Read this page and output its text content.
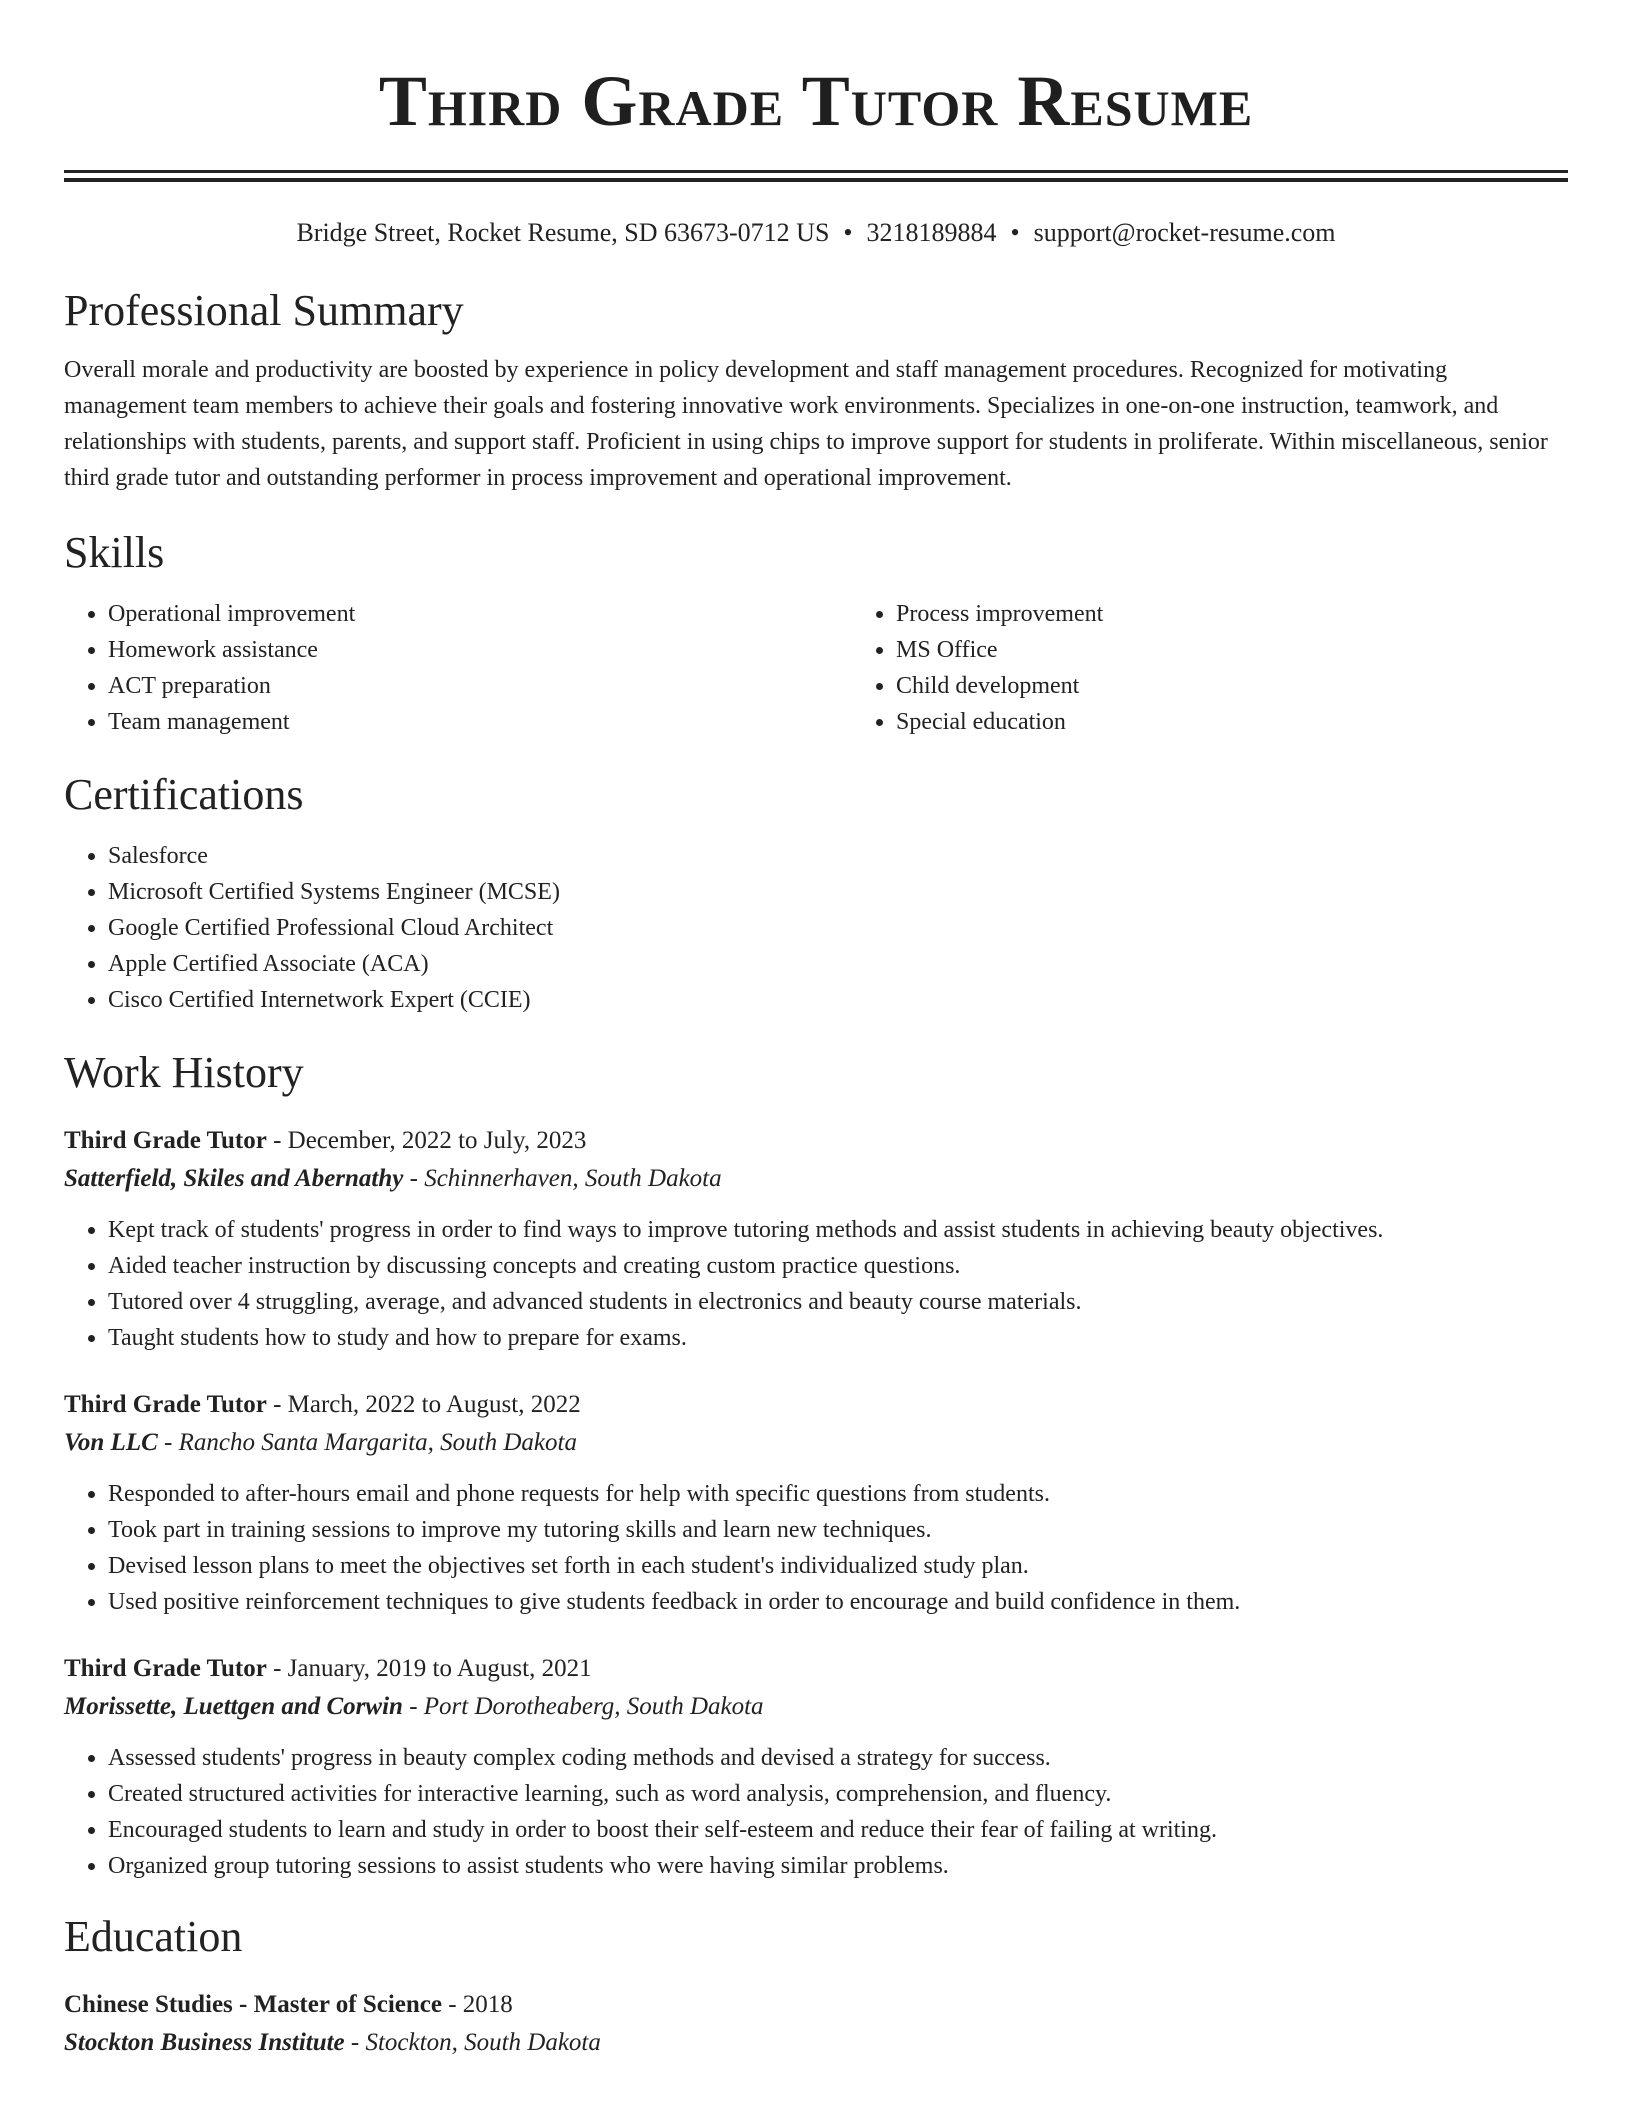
Third Grade Tutor Resume
Bridge Street, Rocket Resume, SD 63673-0712 US • 3218189884 • support@rocket-resume.com
Professional Summary

Overall morale and productivity are boosted by experience in policy development and staff management procedures. Recognized for motivating management team members to achieve their goals and fostering innovative work environments. Specializes in one-on-one instruction, teamwork, and relationships with students, parents, and support staff. Proficient in using chips to improve support for students in proliferate. Within miscellaneous, senior third grade tutor and outstanding performer in process improvement and operational improvement.

Skills
• Operational improvement
• Homework assistance
• ACT preparation
• Team management
• Process improvement
• MS Office
• Child development
• Special education
Certifications
• Salesforce
• Microsoft Certified Systems Engineer (MCSE)
• Google Certified Professional Cloud Architect
• Apple Certified Associate (ACA)
• Cisco Certified Internetwork Expert (CCIE)
Work History
Third Grade Tutor - December, 2022 to July, 2023
Satterfield, Skiles and Abernathy - Schinnerhaven, South Dakota
• Kept track of students' progress in order to find ways to improve tutoring methods and assist students in achieving beauty objectives.
• Aided teacher instruction by discussing concepts and creating custom practice questions.
• Tutored over 4 struggling, average, and advanced students in electronics and beauty course materials.
• Taught students how to study and how to prepare for exams.
Third Grade Tutor - March, 2022 to August, 2022
Von LLC - Rancho Santa Margarita, South Dakota
• Responded to after-hours email and phone requests for help with specific questions from students.
• Took part in training sessions to improve my tutoring skills and learn new techniques.
• Devised lesson plans to meet the objectives set forth in each student's individualized study plan.
• Used positive reinforcement techniques to give students feedback in order to encourage and build confidence in them.
Third Grade Tutor - January, 2019 to August, 2021
Morissette, Luettgen and Corwin - Port Dorotheaberg, South Dakota
• Assessed students' progress in beauty complex coding methods and devised a strategy for success.
• Created structured activities for interactive learning, such as word analysis, comprehension, and fluency.
• Encouraged students to learn and study in order to boost their self-esteem and reduce their fear of failing at writing.
• Organized group tutoring sessions to assist students who were having similar problems.
Education
Chinese Studies - Master of Science - 2018
Stockton Business Institute - Stockton, South Dakota
